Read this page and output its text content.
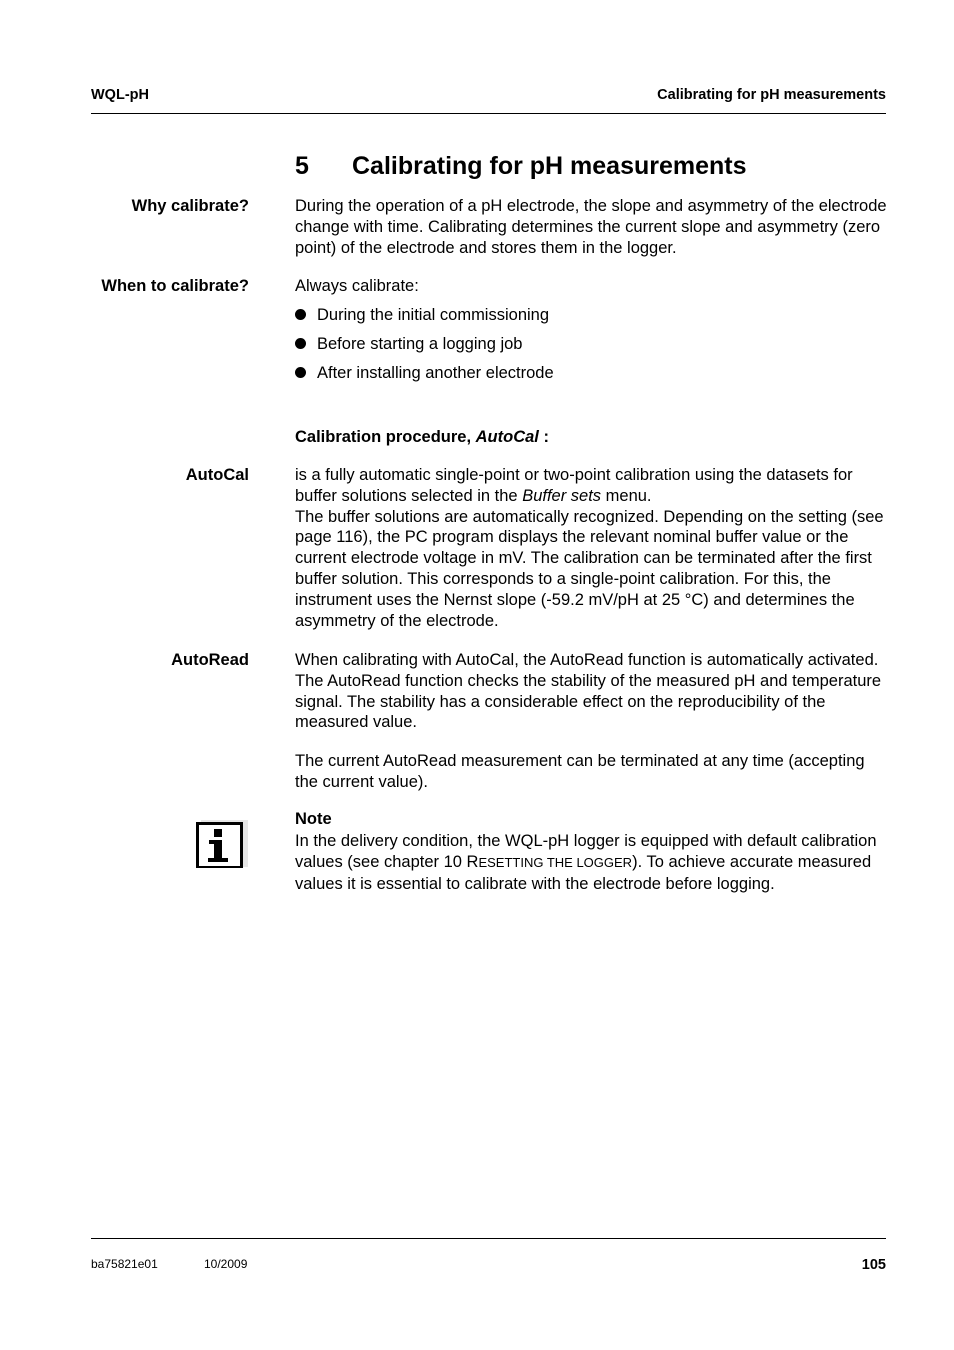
WQL-pH	Calibrating for pH measurements
5 Calibrating for pH measurements
Why calibrate?	During the operation of a pH electrode, the slope and asymmetry of the electrode change with time. Calibrating determines the current slope and asymmetry (zero point) of the electrode and stores them in the logger.
When to calibrate?	Always calibrate:
During the initial commissioning
Before starting a logging job
After installing another electrode
Calibration procedure, AutoCal :
AutoCal	is a fully automatic single-point or two-point calibration using the datasets for buffer solutions selected in the Buffer sets menu.
The buffer solutions are automatically recognized. Depending on the setting (see page 116), the PC program displays the relevant nominal buffer value or the current electrode voltage in mV. The calibration can be terminated after the first buffer solution. This corresponds to a single-point calibration. For this, the instrument uses the Nernst slope (-59.2 mV/pH at 25 °C) and determines the asymmetry of the electrode.
AutoRead	When calibrating with AutoCal, the AutoRead function is automatically activated. The AutoRead function checks the stability of the measured pH and temperature signal. The stability has a considerable effect on the reproducibility of the measured value.
The current AutoRead measurement can be terminated at any time (accepting the current value).
Note
In the delivery condition, the WQL-pH logger is equipped with default calibration values (see chapter 10 RESETTING THE LOGGER). To achieve accurate measured values it is essential to calibrate with the electrode before logging.
ba75821e01	10/2009	105
